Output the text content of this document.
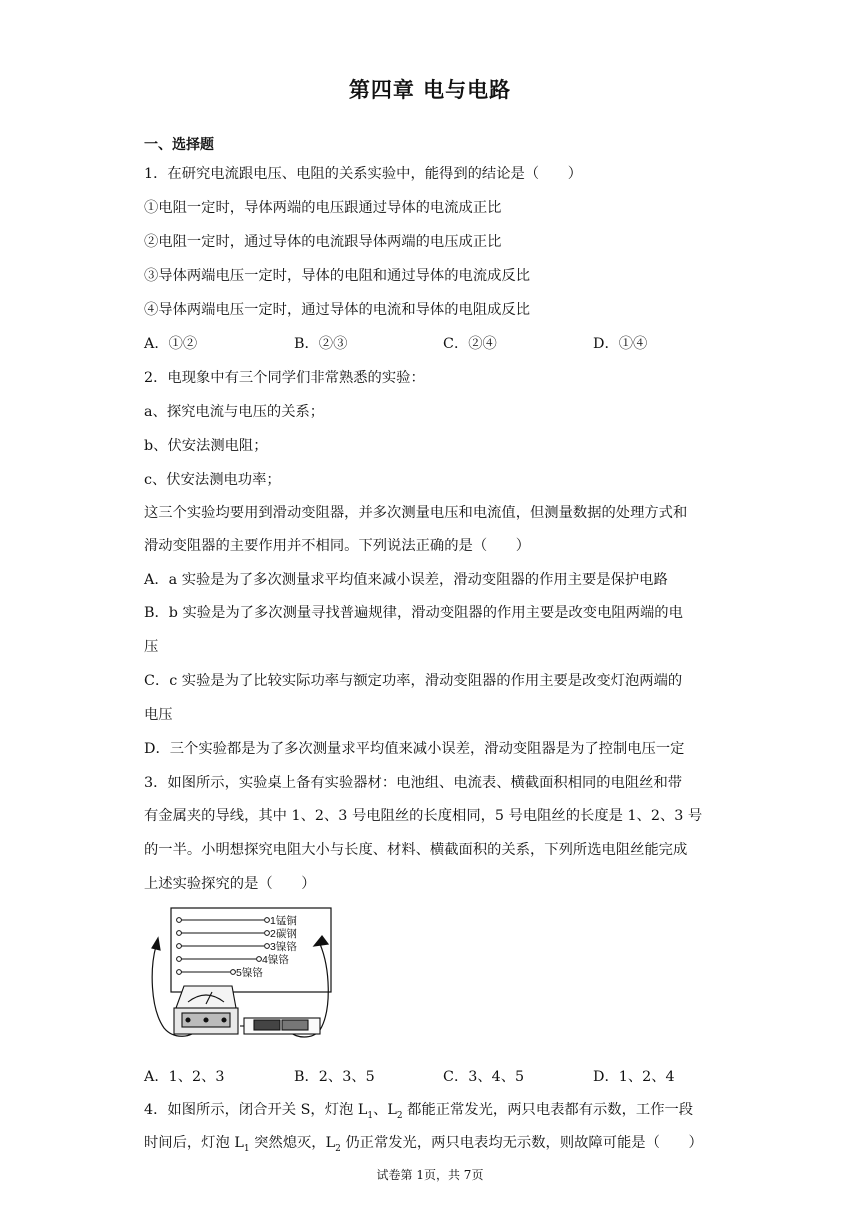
第四章 电与电路
一、选择题
1．在研究电流跟电压、电阻的关系实验中，能得到的结论是（　　）
①电阻一定时，导体两端的电压跟通过导体的电流成正比
②电阻一定时，通过导体的电流跟导体两端的电压成正比
③导体两端电压一定时，导体的电阻和通过导体的电流成反比
④导体两端电压一定时，通过导体的电流和导体的电阻成反比
A．①②	B．②③	C．②④	D．①④
2．电现象中有三个同学们非常熟悉的实验：
a、探究电流与电压的关系；
b、伏安法测电阻；
c、伏安法测电功率；
这三个实验均要用到滑动变阻器，并多次测量电压和电流值，但测量数据的处理方式和
滑动变阻器的主要作用并不相同。下列说法正确的是（　　）
A．a 实验是为了多次测量求平均值来减小误差，滑动变阻器的作用主要是保护电路
B．b 实验是为了多次测量寻找普遍规律，滑动变阻器的作用主要是改变电阻两端的电
压
C．c 实验是为了比较实际功率与额定功率，滑动变阻器的作用主要是改变灯泡两端的
电压
D．三个实验都是为了多次测量求平均值来减小误差，滑动变阻器是为了控制电压一定
3．如图所示，实验桌上备有实验器材：电池组、电流表、横截面积相同的电阻丝和带
有金属夹的导线，其中 1、2、3 号电阻丝的长度相同，5 号电阻丝的长度是 1、2、3 号
的一半。小明想探究电阻大小与长度、材料、横截面积的关系，下列所选电阻丝能完成
上述实验探究的是（　　）
1锰铜
2碳钢
3镍铬
4镍铬
5镍铬
A．1、2、3	B．2、3、5	C．3、4、5	D．1、2、4
4．如图所示，闭合开关 S，灯泡 $L_1$、$L_2$ 都能正常发光，两只电表都有示数，工作一段
时间后，灯泡 $L_1$ 突然熄灭，$L_2$ 仍正常发光，两只电表均无示数，则故障可能是（　　）
试卷第 1页，共 7页
